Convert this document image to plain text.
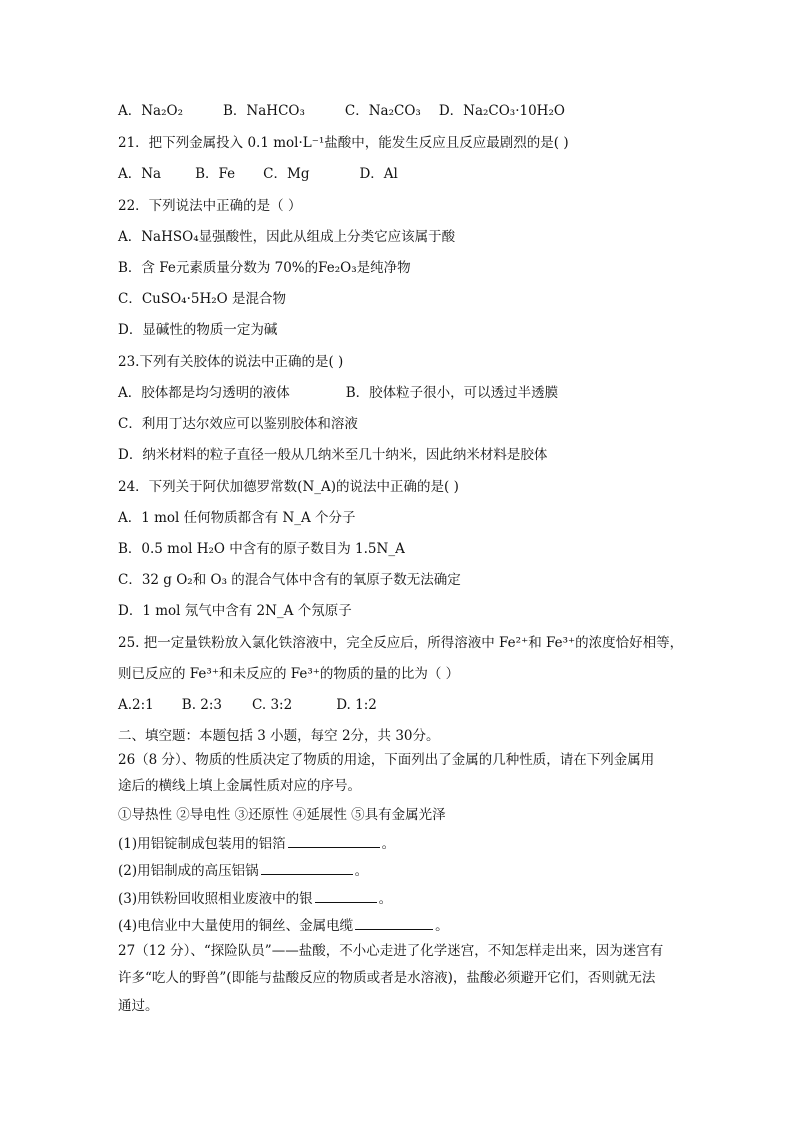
A．Na₂O₂	B．NaHCO₃	C．Na₂CO₃ D．Na₂CO₃·10H₂O
21．把下列金属投入 0.1 mol·L⁻¹盐酸中，能发生反应且反应最剧烈的是( )
A．Na	B．Fe C．Mg	D．Al
22．下列说法中正确的是（ ）
A．NaHSO₄显强酸性，因此从组成上分类它应该属于酸
B．含 Fe元素质量分数为 70%的Fe₂O₃是纯净物
C．CuSO₄·5H₂O 是混合物
D．显碱性的物质一定为碱
23.下列有关胶体的说法中正确的是( )
A．胶体都是均匀透明的液体	B．胶体粒子很小，可以透过半透膜
C．利用丁达尔效应可以鉴别胶体和溶液
D．纳米材料的粒子直径一般从几纳米至几十纳米，因此纳米材料是胶体
24．下列关于阿伏加德罗常数(N_A)的说法中正确的是( )
A．1 mol 任何物质都含有 N_A 个分子
B．0.5 mol H₂O 中含有的原子数目为 1.5N_A
C．32 g O₂和 O₃ 的混合气体中含有的氧原子数无法确定
D．1 mol 氖气中含有 2N_A 个氖原子
25. 把一定量铁粉放入氯化铁溶液中，完全反应后，所得溶液中 Fe²⁺和 Fe³⁺的浓度恰好相等，
则已反应的 Fe³⁺和未反应的 Fe³⁺的物质的量的比为（ ）
A.2:1 B. 2:3 C. 3:2	D. 1:2
二、填空题：本题包括 3 小题，每空 2分，共 30分。
26（8 分）、物质的性质决定了物质的用途，下面列出了金属的几种性质，请在下列金属用
途后的横线上填上金属性质对应的序号。
①导热性 ②导电性 ③还原性 ④延展性 ⑤具有金属光泽
(1)用铝锭制成包装用的铝箔	。
(2)用铝制成的高压铝锅	。
(3)用铁粉回收照相业废液中的银	。
(4)电信业中大量使用的铜丝、金属电缆	。
27（12 分）、“探险队员”——盐酸，不小心走进了化学迷宫，不知怎样走出来，因为迷宫有
许多“吃人的野兽”(即能与盐酸反应的物质或者是水溶液)，盐酸必须避开它们，否则就无法
通过。
